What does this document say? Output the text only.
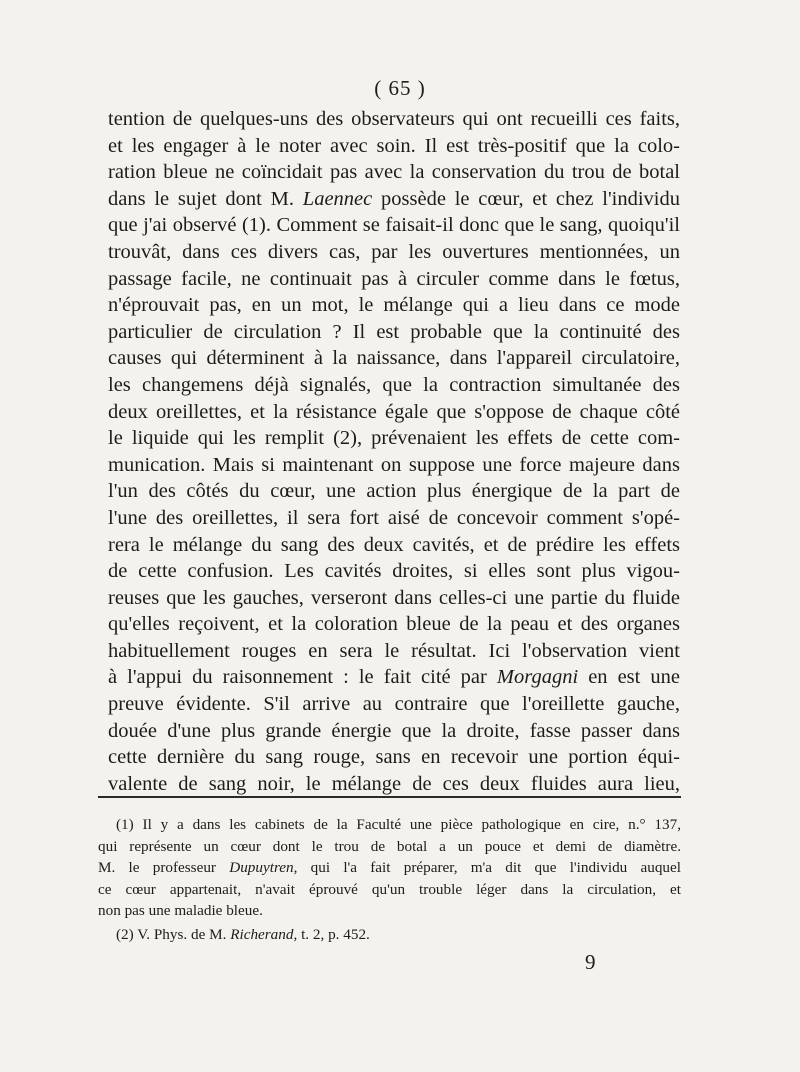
( 65 )
tention de quelques-uns des observateurs qui ont recueilli ces faits,
et les engager à le noter avec soin. Il est très-positif que la colo-
ration bleue ne coïncidait pas avec la conservation du trou de botal
dans le sujet dont M. Laennec possède le cœur, et chez l'individu
que j'ai observé (1). Comment se faisait-il donc que le sang, quoiqu'il
trouvât, dans ces divers cas, par les ouvertures mentionnées, un
passage facile, ne continuait pas à circuler comme dans le fœtus,
n'éprouvait pas, en un mot, le mélange qui a lieu dans ce mode
particulier de circulation ? Il est probable que la continuité des
causes qui déterminent à la naissance, dans l'appareil circulatoire,
les changemens déjà signalés, que la contraction simultanée des
deux oreillettes, et la résistance égale que s'oppose de chaque côté
le liquide qui les remplit (2), prévenaient les effets de cette com-
munication. Mais si maintenant on suppose une force majeure dans
l'un des côtés du cœur, une action plus énergique de la part de
l'une des oreillettes, il sera fort aisé de concevoir comment s'opé-
rera le mélange du sang des deux cavités, et de prédire les effets
de cette confusion. Les cavités droites, si elles sont plus vigou-
reuses que les gauches, verseront dans celles-ci une partie du fluide
qu'elles reçoivent, et la coloration bleue de la peau et des organes
habituellement rouges en sera le résultat. Ici l'observation vient
à l'appui du raisonnement : le fait cité par Morgagni en est une
preuve évidente. S'il arrive au contraire que l'oreillette gauche,
douée d'une plus grande énergie que la droite, fasse passer dans
cette dernière du sang rouge, sans en recevoir une portion équi-
valente de sang noir, le mélange de ces deux fluides aura lieu,
(1) Il y a dans les cabinets de la Faculté une pièce pathologique en cire, n.° 137,
qui représente un cœur dont le trou de botal a un pouce et demi de diamètre.
M. le professeur Dupuytren, qui l'a fait préparer, m'a dit que l'individu auquel
ce cœur appartenait, n'avait éprouvé qu'un trouble léger dans la circulation, et
non pas une maladie bleue.
(2) V. Phys. de M. Richerand, t. 2, p. 452.
9
